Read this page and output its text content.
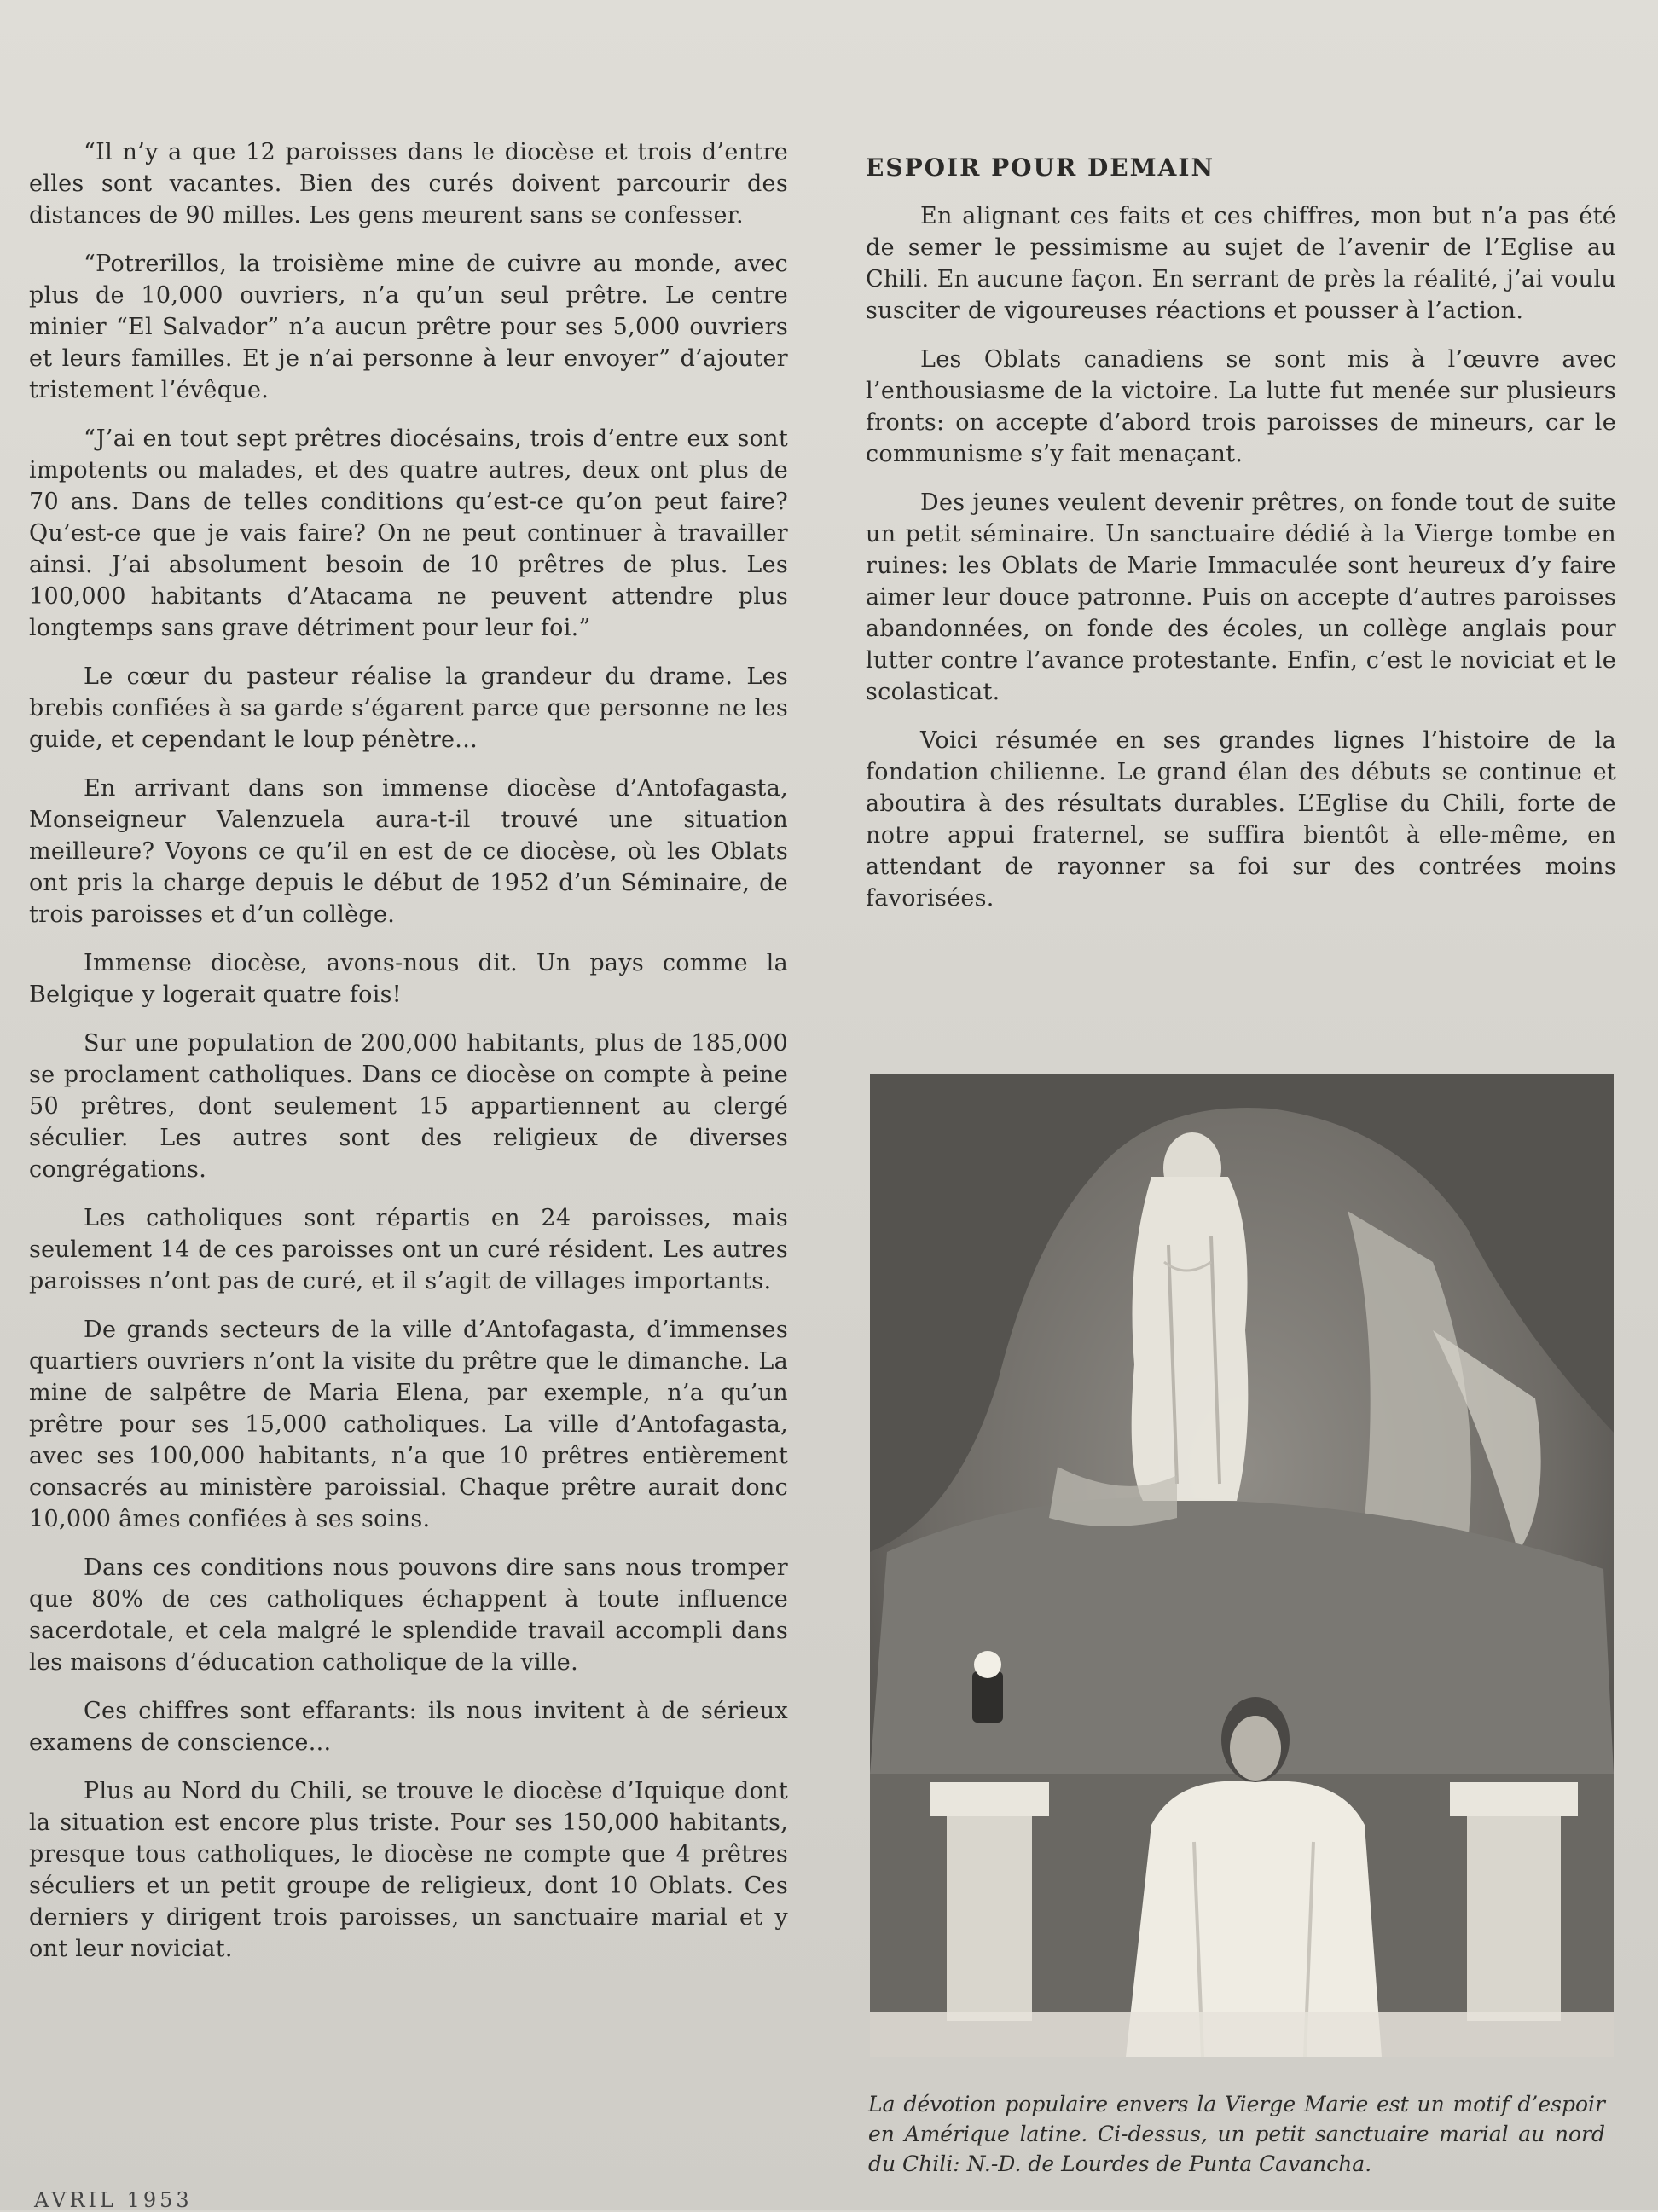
“Il n’y a que 12 paroisses dans le diocèse et trois d’entre elles sont vacantes. Bien des curés doivent parcourir des distances de 90 milles. Les gens meurent sans se confesser.

“Potrerillos, la troisième mine de cuivre au monde, avec plus de 10,000 ouvriers, n’a qu’un seul prêtre. Le centre minier “El Salvador” n’a aucun prêtre pour ses 5,000 ouvriers et leurs familles. Et je n’ai personne à leur envoyer” d’ajouter tristement l’évêque.

“J’ai en tout sept prêtres diocésains, trois d’entre eux sont impotents ou malades, et des quatre autres, deux ont plus de 70 ans. Dans de telles conditions qu’est-ce qu’on peut faire? Qu’est-ce que je vais faire? On ne peut continuer à travailler ainsi. J’ai absolument besoin de 10 prêtres de plus. Les 100,000 habitants d’Atacama ne peuvent attendre plus longtemps sans grave détriment pour leur foi.”

Le cœur du pasteur réalise la grandeur du drame. Les brebis confiées à sa garde s’égarent parce que personne ne les guide, et cependant le loup pénètre...

En arrivant dans son immense diocèse d’Antofagasta, Monseigneur Valenzuela aura-t-il trouvé une situation meilleure? Voyons ce qu’il en est de ce diocèse, où les Oblats ont pris la charge depuis le début de 1952 d’un Séminaire, de trois paroisses et d’un collège.

Immense diocèse, avons-nous dit. Un pays comme la Belgique y logerait quatre fois!

Sur une population de 200,000 habitants, plus de 185,000 se proclament catholiques. Dans ce diocèse on compte à peine 50 prêtres, dont seulement 15 appartiennent au clergé séculier. Les autres sont des religieux de diverses congrégations.

Les catholiques sont répartis en 24 paroisses, mais seulement 14 de ces paroisses ont un curé résident. Les autres paroisses n’ont pas de curé, et il s’agit de villages importants.

De grands secteurs de la ville d’Antofagasta, d’immenses quartiers ouvriers n’ont la visite du prêtre que le dimanche. La mine de salpêtre de Maria Elena, par exemple, n’a qu’un prêtre pour ses 15,000 catholiques. La ville d’Antofagasta, avec ses 100,000 habitants, n’a que 10 prêtres entièrement consacrés au ministère paroissial. Chaque prêtre aurait donc 10,000 âmes confiées à ses soins.

Dans ces conditions nous pouvons dire sans nous tromper que 80% de ces catholiques échappent à toute influence sacerdotale, et cela malgré le splendide travail accompli dans les maisons d’éducation catholique de la ville.

Ces chiffres sont effarants: ils nous invitent à de sérieux examens de conscience...

Plus au Nord du Chili, se trouve le diocèse d’Iquique dont la situation est encore plus triste. Pour ses 150,000 habitants, presque tous catholiques, le diocèse ne compte que 4 prêtres séculiers et un petit groupe de religieux, dont 10 Oblats. Ces derniers y dirigent trois paroisses, un sanctuaire marial et y ont leur noviciat.

ESPOIR POUR DEMAIN

En alignant ces faits et ces chiffres, mon but n’a pas été de semer le pessimisme au sujet de l’avenir de l’Eglise au Chili. En aucune façon. En serrant de près la réalité, j’ai voulu susciter de vigoureuses réactions et pousser à l’action.

Les Oblats canadiens se sont mis à l’œuvre avec l’enthousiasme de la victoire. La lutte fut menée sur plusieurs fronts: on accepte d’abord trois paroisses de mineurs, car le communisme s’y fait menaçant.

Des jeunes veulent devenir prêtres, on fonde tout de suite un petit séminaire. Un sanctuaire dédié à la Vierge tombe en ruines: les Oblats de Marie Immaculée sont heureux d’y faire aimer leur douce patronne. Puis on accepte d’autres paroisses abandonnées, on fonde des écoles, un collège anglais pour lutter contre l’avance protestante. Enfin, c’est le noviciat et le scolasticat.

Voici résumée en ses grandes lignes l’histoire de la fondation chilienne. Le grand élan des débuts se continue et aboutira à des résultats durables. L’Eglise du Chili, forte de notre appui fraternel, se suffira bientôt à elle-même, en attendant de rayonner sa foi sur des contrées moins favorisées.

La dévotion populaire envers la Vierge Marie est un motif d’espoir en Amérique latine. Ci-dessus, un petit sanctuaire marial au nord du Chili: N.-D. de Lourdes de Punta Cavancha.
AVRIL 1953
